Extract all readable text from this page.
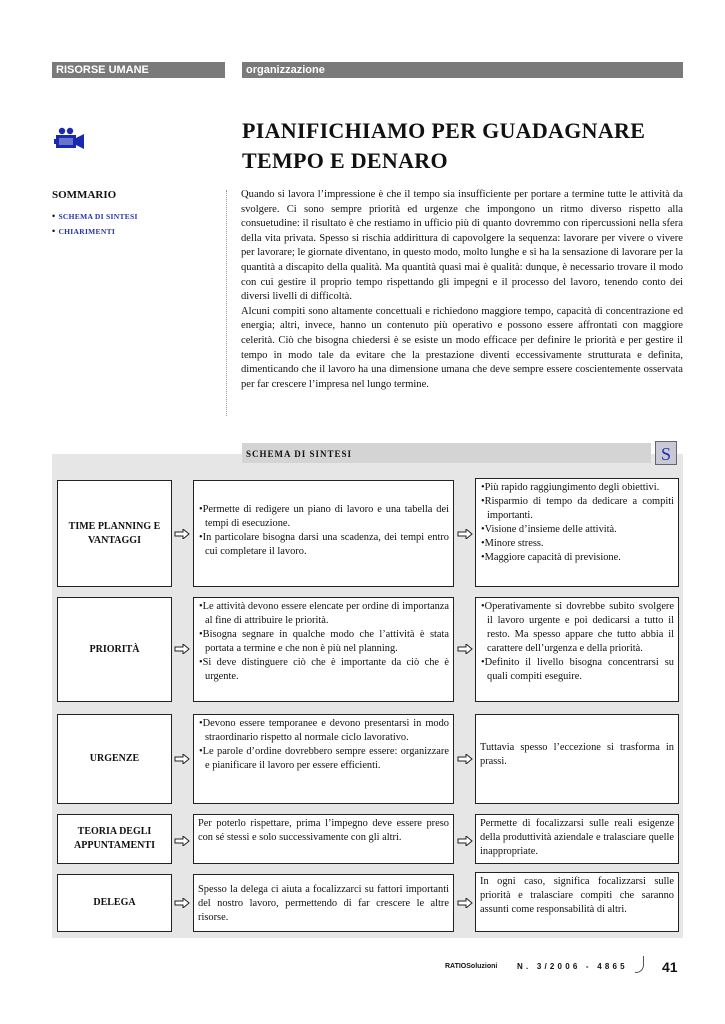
RISORSE UMANE	organizzazione
PIANIFICHIAMO PER GUADAGNARE
TEMPO E DENARO
SOMMARIO
• SCHEMA DI SINTESI
• CHIARIMENTI

Quando si lavora l’impressione è che il tempo sia insufficiente per portare a termine tutte le attività da svolgere. Ci sono sempre priorità ed urgenze che impongono un ritmo diverso rispetto alla consuetudine: il risultato è che restiamo in ufficio più di quanto dovremmo con ripercussioni nella sfera della vita privata. Spesso si rischia addirittura di capovolgere la sequenza: lavorare per vivere o vivere per lavorare; le giornate diventano, in questo modo, molto lunghe e si ha la sensazione di lavorare per la quantità a discapito della qualità. Ma quantità quasi mai è qualità: dunque, è necessario trovare il modo con cui gestire il proprio tempo rispettando gli impegni e il processo del lavoro, tenendo conto dei diversi livelli di difficoltà.

Alcuni compiti sono altamente concettuali e richiedono maggiore tempo, capacità di concentrazione ed energia; altri, invece, hanno un contenuto più operativo e possono essere affrontati con maggiore celerità. Ciò che bisogna chiedersi è se esiste un modo efficace per definire le priorità e per gestire il tempo in modo tale da evitare che la prestazione diventi eccessivamente strutturata e definita, dimenticando che il lavoro ha una dimensione umana che deve sempre essere coscientemente osservata per far crescere l’impresa nel lungo termine.

SCHEMA DI SINTESI	S
TIME PLANNING E VANTAGGI
•Permette di redigere un piano di lavoro e una tabella dei tempi di esecuzione.
•In particolare bisogna darsi una scadenza, dei tempi entro cui completare il lavoro.
•Più rapido raggiungimento degli obiettivi.
•Risparmio di tempo da dedicare a compiti importanti.
•Visione d’insieme delle attività.
•Minore stress.
•Maggiore capacità di previsione.
PRIORITÀ
•Le attività devono essere elencate per ordine di importanza al fine di attribuire le priorità.
•Bisogna segnare in qualche modo che l’attività è stata portata a termine e che non è più nel planning.
•Si deve distinguere ciò che è importante da ciò che è urgente.
•Operativamente si dovrebbe subito svolgere il lavoro urgente e poi dedicarsi a tutto il resto. Ma spesso appare che tutto abbia il carattere dell’urgenza e della priorità.
•Definito il livello bisogna concentrarsi su quali compiti eseguire.
URGENZE
•Devono essere temporanee e devono presentarsi in modo straordinario rispetto al normale ciclo lavorativo.
•Le parole d’ordine dovrebbero sempre essere: organizzare e pianificare il lavoro per essere efficienti.

Tuttavia spesso l’eccezione si trasforma in prassi.

TEORIA DEGLI APPUNTAMENTI

Per poterlo rispettare, prima l’impegno deve essere preso con sé stessi e solo successivamente con gli altri.

Permette di focalizzarsi sulle reali esigenze della produttività aziendale e tralasciare quelle inappropriate.

DELEGA

Spesso la delega ci aiuta a focalizzarci su fattori importanti del nostro lavoro, permettendo di far crescere le altre risorse.

In ogni caso, significa focalizzarsi sulle priorità e tralasciare compiti che saranno assunti come responsabilità di altri.

RATIOSoluzioni N. 3/2006 - 4865 41
